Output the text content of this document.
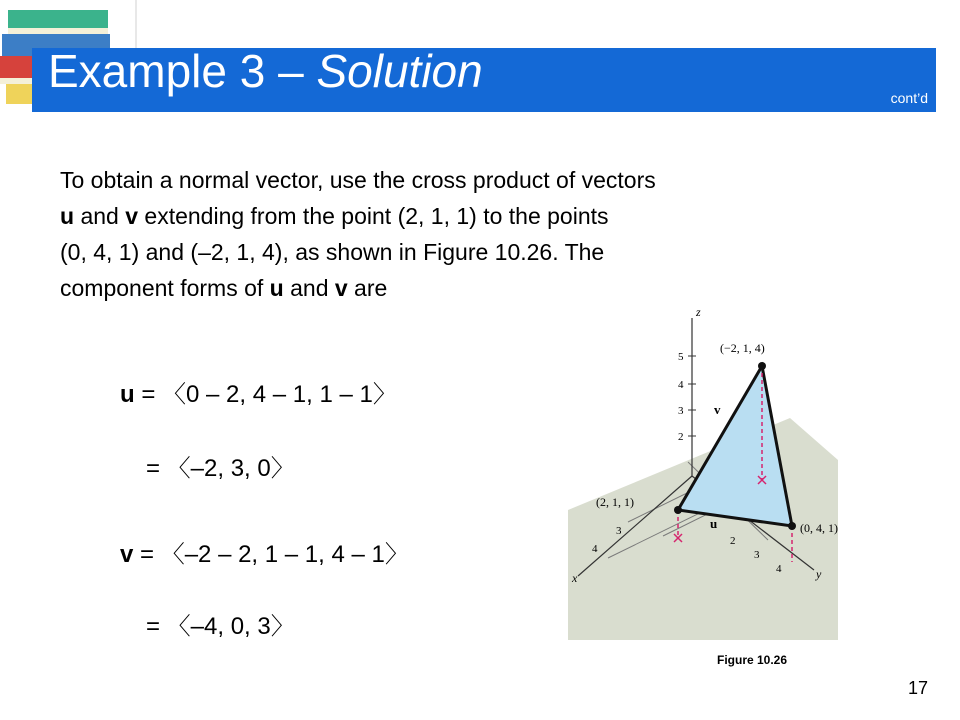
Example 3 – Solution
cont’d

To obtain a normal vector, use the cross product of vectors

u and v extending from the point (2, 1, 1) to the points

(0, 4, 1) and (–2, 1, 4), as shown in Figure 10.26. The

component forms of u and v are

u = 〈0 – 2, 4 – 1, 1 – 1〉
= 〈–2, 3, 0〉
v = 〈–2 – 2, 1 – 1, 4 – 1〉
= 〈–4, 0, 3〉
z
x	y
5
4
3
2
3
4
2
3
4
(−2, 1, 4)
(2, 1, 1)
(0, 4, 1)
v
u
Figure 10.26
17
